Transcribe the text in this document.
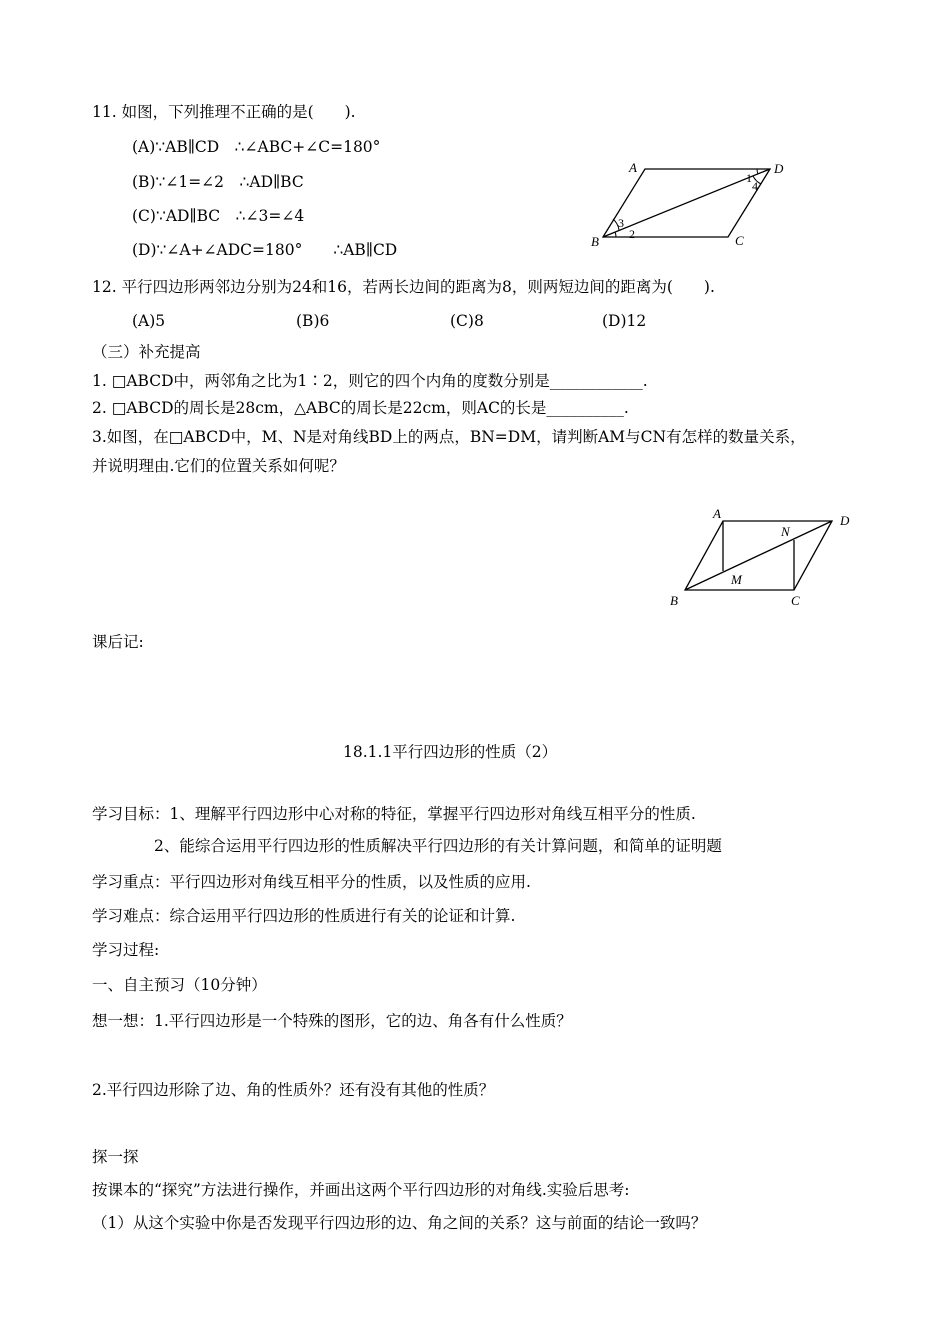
11. 如图，下列推理不正确的是(　　).
(A)∵AB∥CD　∴∠ABC+∠C=180°
(B)∵∠1=∠2　∴AD∥BC
(C)∵AD∥BC　∴∠3=∠4
(D)∵∠A+∠ADC=180°　　∴AB∥CD
A	D
B	C
1
2
3
4
12. 平行四边形两邻边分别为24和16，若两长边间的距离为8，则两短边间的距离为(　　).
(A)5	(B)6	(C)8	(D)12
（三）补充提高
1. □ABCD中，两邻角之比为1∶2，则它的四个内角的度数分别是____________.
2. □ABCD的周长是28cm，△ABC的周长是22cm，则AC的长是__________.
3.如图，在□ABCD中，M、N是对角线BD上的两点，BN=DM，请判断AM与CN有怎样的数量关系，
并说明理由.它们的位置关系如何呢？
A	D
B	C
M
N
课后记:
18.1.1平行四边形的性质（2）
学习目标：1、理解平行四边形中心对称的特征，掌握平行四边形对角线互相平分的性质.
2、能综合运用平行四边形的性质解决平行四边形的有关计算问题，和简单的证明题
学习重点：平行四边形对角线互相平分的性质，以及性质的应用.
学习难点：综合运用平行四边形的性质进行有关的论证和计算.
学习过程:
一、自主预习（10分钟）
想一想：1.平行四边形是一个特殊的图形，它的边、角各有什么性质？
2.平行四边形除了边、角的性质外？还有没有其他的性质？
探一探
按课本的“探究”方法进行操作，并画出这两个平行四边形的对角线.实验后思考:
（1）从这个实验中你是否发现平行四边形的边、角之间的关系？这与前面的结论一致吗？
